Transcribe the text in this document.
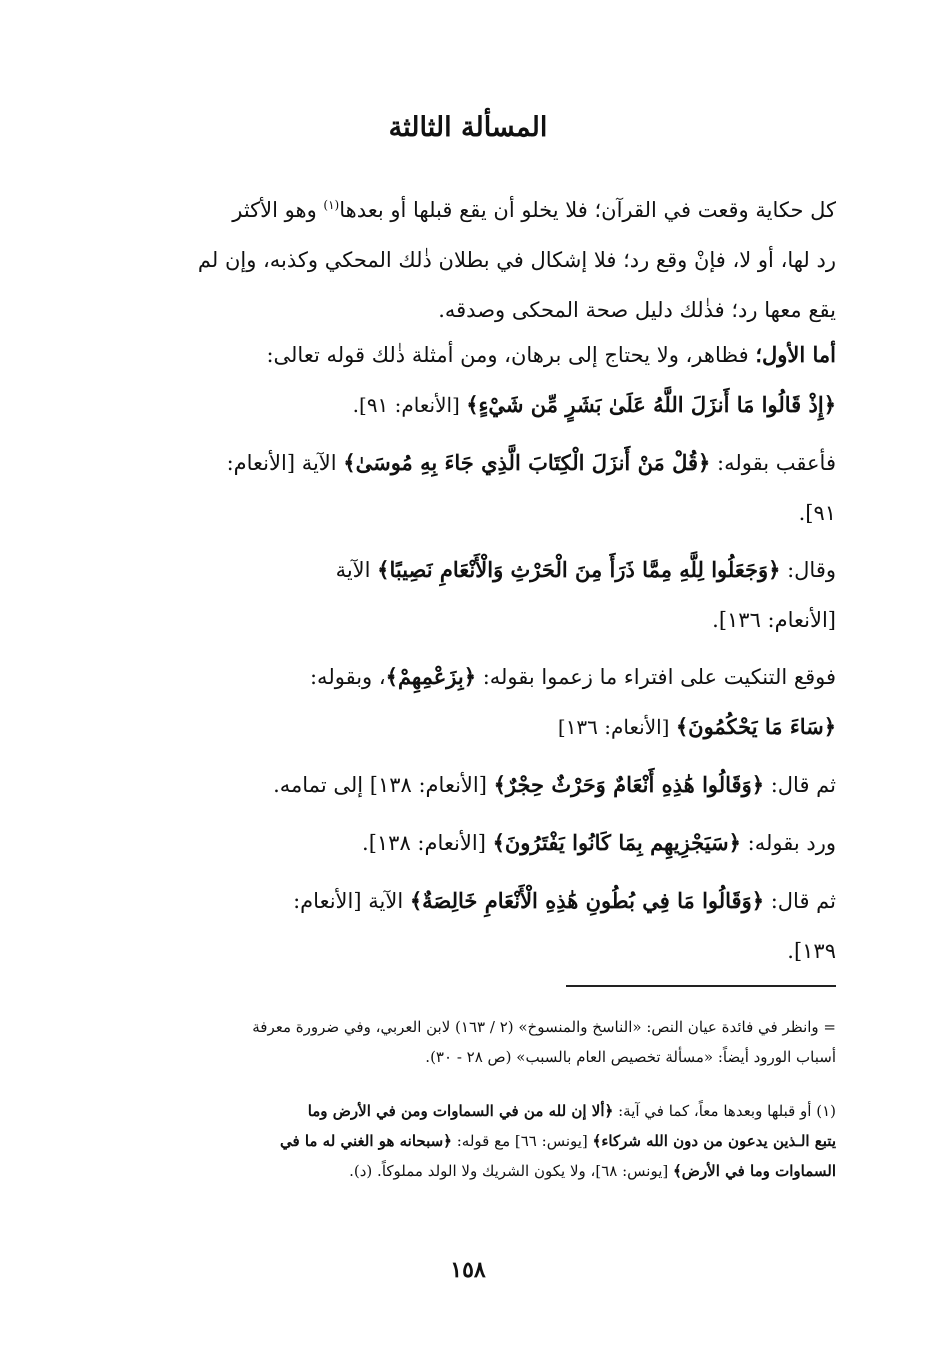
المسألة الثالثة
كل حكاية وقعت في القرآن؛ فلا يخلو أن يقع قبلها أو بعدها$^{(١)}$ وهو الأكثر
رد لها، أو لا، فإنْ وقع رد؛ فلا إشكال في بطلان ذٰلك المحكي وكذبه، وإن لم
يقع معها رد؛ فذٰلك دليل صحة المحكى وصدقه.
أما الأول؛ فظاهر، ولا يحتاج إلى برهان، ومن أمثلة ذٰلك قوله تعالى:
﴿إِذْ قَالُوا مَا أَنزَلَ اللَّهُ عَلَىٰ بَشَرٍ مِّن شَيْءٍ﴾ [الأنعام: ٩١].
فأعقب بقوله: ﴿قُلْ مَنْ أَنزَلَ الْكِتَابَ الَّذِي جَاءَ بِهِ مُوسَىٰ﴾ الآية [الأنعام:
٩١].
وقال: ﴿وَجَعَلُوا لِلَّهِ مِمَّا ذَرَأَ مِنَ الْحَرْثِ وَالْأَنْعَامِ نَصِيبًا﴾ الآية
[الأنعام: ١٣٦].
فوقع التنكيت على افتراء ما زعموا بقوله: ﴿بِزَعْمِهِمْ﴾، وبقوله:
﴿سَاءَ مَا يَحْكُمُونَ﴾ [الأنعام: ١٣٦]
ثم قال: ﴿وَقَالُوا هَٰذِهِ أَنْعَامٌ وَحَرْثٌ حِجْرٌ﴾ [الأنعام: ١٣٨] إلى تمامه.
ورد بقوله: ﴿سَيَجْزِيهِم بِمَا كَانُوا يَفْتَرُونَ﴾ [الأنعام: ١٣٨].
ثم قال: ﴿وَقَالُوا مَا فِي بُطُونِ هَٰذِهِ الْأَنْعَامِ خَالِصَةٌ﴾ الآية [الأنعام:
١٣٩].
= وانظر في فائدة عيان النص: «الناسخ والمنسوخ» (٢ / ١٦٣) لابن العربي، وفي ضرورة معرفة
أسباب الورود أيضاً: «مسألة تخصيص العام بالسبب» (ص ٢٨ - ٣٠).
(١) أو قبلها وبعدها معاً، كما في آية: ﴿ألا إن لله من في السماوات ومن في الأرض وما
يتبع الـذين يدعون من دون الله شركاء﴾ [يونس: ٦٦] مع قوله: ﴿سبحانه هو الغني له ما في
السماوات وما في الأرض﴾ [يونس: ٦٨]، ولا يكون الشريك ولا الولد مملوكاً. (د).
١٥٨
